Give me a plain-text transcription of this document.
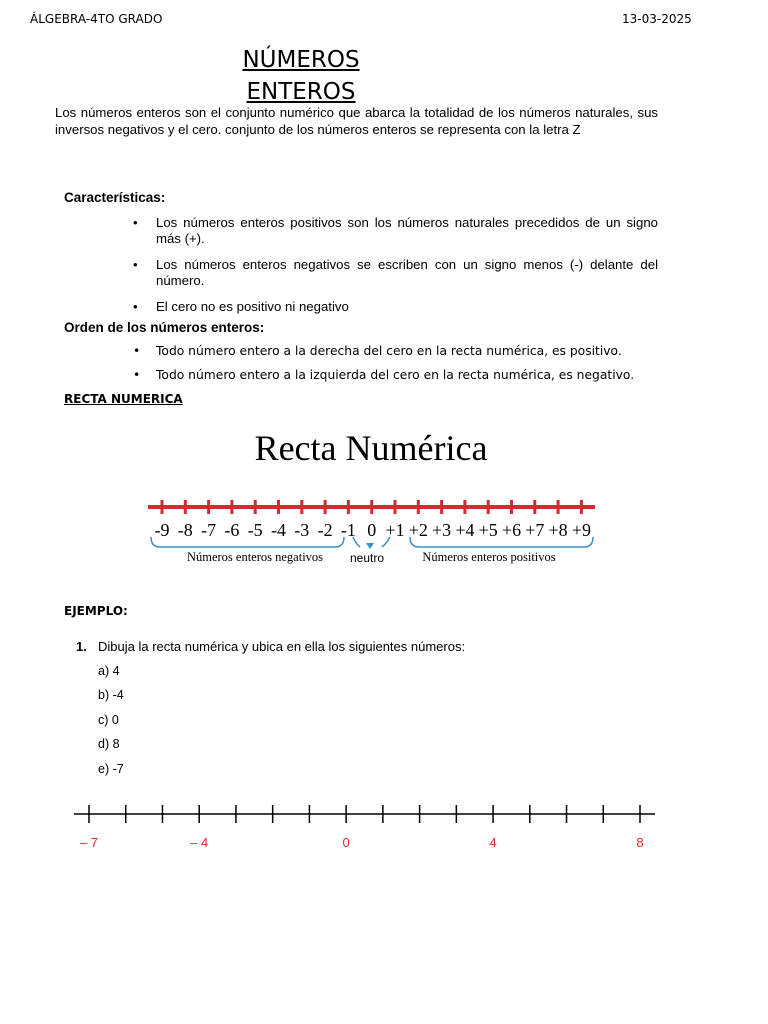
ÁLGEBRA-4TO GRADO	13-03-2025
NÚMEROS ENTEROS
Los números enteros son el conjunto numérico que abarca la totalidad de los números naturales, sus inversos negativos y el cero. conjunto de los números enteros se representa con la letra Z
Características:
• Los números enteros positivos son los números naturales precedidos de un signo más (+).
• Los números enteros negativos se escriben con un signo menos (-) delante del número.
• El cero no es positivo ni negativo
Orden de los números enteros:
• Todo número entero a la derecha del cero en la recta numérica, es positivo.
• Todo número entero a la izquierda del cero en la recta numérica, es negativo.
RECTA NUMERICA
Recta Numérica
-9 -8 -7 -6 -5 -4 -3 -2 -1 0 +1 +2 +3 +4 +5 +6 +7 +8 +9
Números enteros negativos neutro	Números enteros positivos
– 7	– 4	0	4	8
EJEMPLO:
1. Dibuja la recta numérica y ubica en ella los siguientes números:
a) 4
b) -4
c) 0
d) 8
e) -7
